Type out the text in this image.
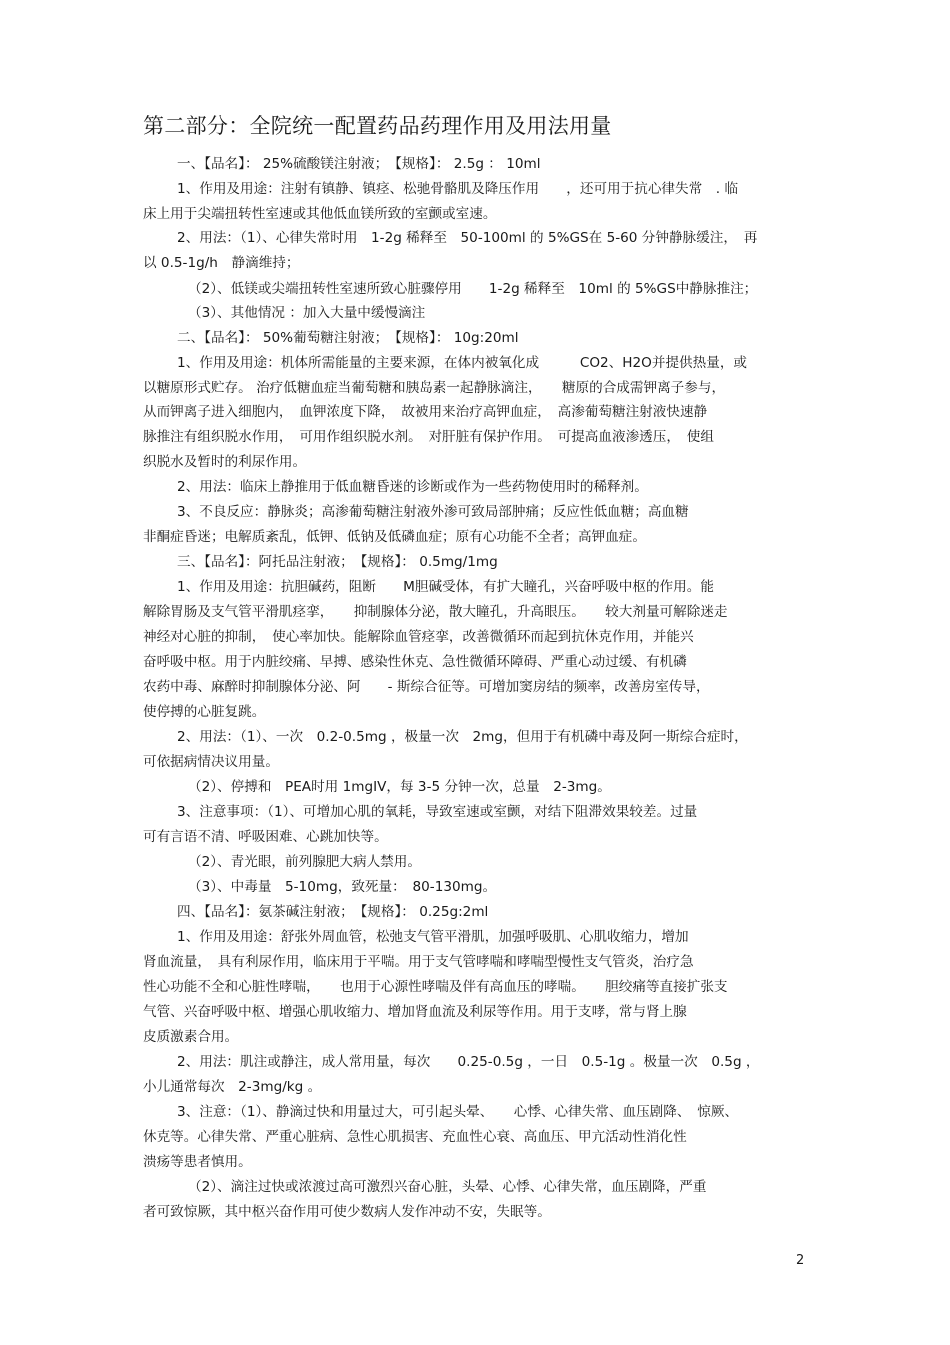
第二部分：全院统一配置药品药理作用及用法用量
一、【品名】： 25%硫酸镁注射液；　【规格】： 2.5g ： 10ml
1、作用及用途：注射有镇静、镇痉、松驰骨骼肌及降压作用　　，还可用于抗心律失常　. 临
床上用于尖端扭转性室速或其他低血镁所致的室颤或室速。
2、用法：（1）、心律失常时用　1-2g 稀释至　50-100ml 的 5%GS在 5-60 分钟静脉缓注，　再
以 0.5-1g/h　静滴维持；
（2）、低镁或尖端扭转性室速所致心脏骤停用　　1-2g 稀释至　10ml 的 5%GS中静脉推注；
（3）、其他情况 ：加入大量中缓慢滴注
二、【品名】： 50%葡萄糖注射液；　【规格】： 10g:20ml
1、作用及用途：机体所需能量的主要来源，在体内被氧化成　　　CO2、H2O并提供热量，或
以糖原形式贮存。 治疗低糖血症当葡萄糖和胰岛素一起静脉滴注，　　糖原的合成需钾离子参与，
从而钾离子进入细胞内，　血钾浓度下降，　故被用来治疗高钾血症，　高渗葡萄糖注射液快速静
脉推注有组织脱水作用，　可用作组织脱水剂。　对肝脏有保护作用。　可提高血液渗透压，　使组
织脱水及暂时的利尿作用。
2、用法：临床上静推用于低血糖昏迷的诊断或作为一些药物使用时的稀释剂。
3、不良反应：静脉炎；高渗葡萄糖注射液外渗可致局部肿痛；反应性低血糖；高血糖
非酮症昏迷；电解质紊乱，低钾、低钠及低磷血症；原有心功能不全者；高钾血症。
三、【品名】：阿托品注射液；　【规格】： 0.5mg/1mg
1、作用及用途：抗胆碱药，阻断　　M胆碱受体，有扩大瞳孔，兴奋呼吸中枢的作用。能
解除胃肠及支气管平滑肌痉挛，　　抑制腺体分泌，散大瞳孔，升高眼压。　　较大剂量可解除迷走
神经对心脏的抑制，　使心率加快。能解除血管痉挛，改善微循环而起到抗休克作用，并能兴
奋呼吸中枢。用于内脏绞痛、早搏、感染性休克、急性微循环障碍、严重心动过缓、有机磷
农药中毒、麻醉时抑制腺体分泌、阿　　- 斯综合征等。可增加窦房结的频率，改善房室传导，
使停搏的心脏复跳。
2、用法：（1）、一次　0.2-0.5mg ，极量一次　2mg，但用于有机磷中毒及阿一斯综合症时，
可依据病情决议用量。
（2）、停搏和　PEA时用 1mgIV，每 3-5 分钟一次，总量　2-3mg。
3、注意事项：（1）、可增加心肌的氧耗，导致室速或室颤，对结下阻滞效果较差。过量
可有言语不清、呼吸困难、心跳加快等。
（2）、青光眼，前列腺肥大病人禁用。
（3）、中毒量　5-10mg，致死量：　80-130mg。
四、【品名】：氨茶碱注射液；　【规格】： 0.25g:2ml
1、作用及用途：舒张外周血管，松弛支气管平滑肌，加强呼吸肌、心肌收缩力，增加
肾血流量，　具有利尿作用，临床用于平喘。用于支气管哮喘和哮喘型慢性支气管炎，治疗急
性心功能不全和心脏性哮喘，　　也用于心源性哮喘及伴有高血压的哮喘。　　胆绞痛等直接扩张支
气管、兴奋呼吸中枢、增强心肌收缩力、增加肾血流及利尿等作用。用于支哮，常与肾上腺
皮质激素合用。
2、用法：肌注或静注，成人常用量，每次　　0.25-0.5g ，一日　0.5-1g 。极量一次　0.5g ，
小儿通常每次　2-3mg/kg 。
3、注意：（1）、静滴过快和用量过大，可引起头晕、　　心悸、心律失常、血压剧降、　惊厥、
休克等。心律失常、严重心脏病、急性心肌损害、充血性心衰、高血压、甲亢活动性消化性
溃疡等患者慎用。
（2）、滴注过快或浓渡过高可激烈兴奋心脏，头晕、心悸、心律失常，血压剧降，严重
者可致惊厥，其中枢兴奋作用可使少数病人发作冲动不安，失眠等。
2
